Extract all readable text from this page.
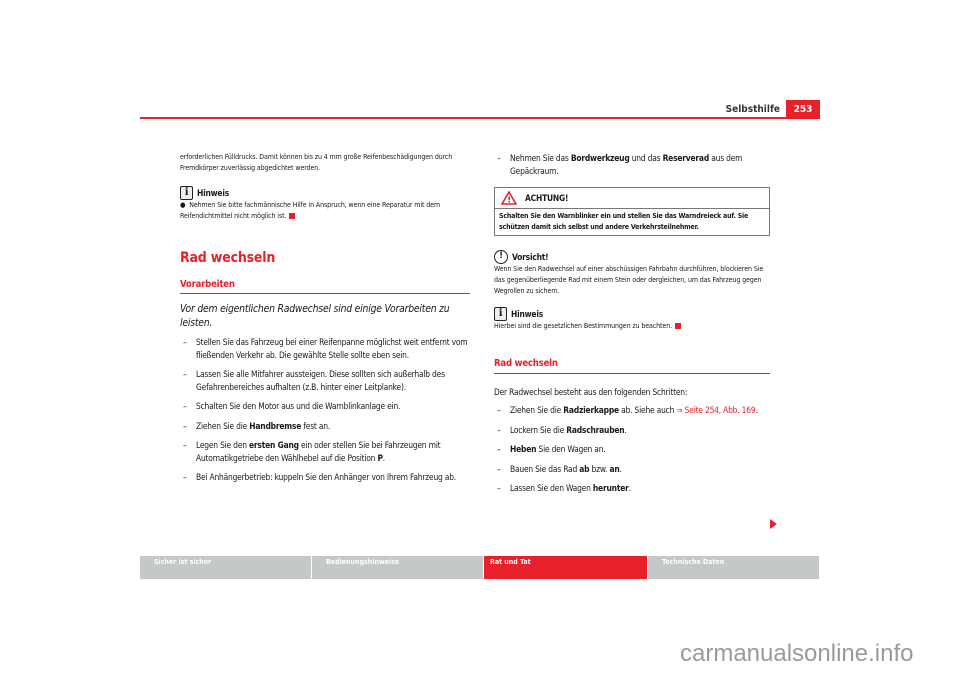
Selbsthilfe	253

erforderlichen Fülldrucks. Damit können bis zu 4 mm große Reifenbeschädigungen durch Fremdkörper zuverlässig abgedichtet werden.

i	Hinweis

●  Nehmen Sie bitte fachmännische Hilfe in Anspruch, wenn eine Reparatur mit dem Reifendichtmittel nicht möglich ist.

Rad wechseln
Vorarbeiten

Vor dem eigentlichen Radwechsel sind einige Vorarbeiten zu leisten.

– Stellen Sie das Fahrzeug bei einer Reifenpanne möglichst weit entfernt vom fließenden Verkehr ab. Die gewählte Stelle sollte eben sein.
– Lassen Sie alle Mitfahrer aussteigen. Diese sollten sich außerhalb des Gefahrenbereiches aufhalten (z.B. hinter einer Leitplanke).
– Schalten Sie den Motor aus und die Warnblinkanlage ein.
– Ziehen Sie die Handbremse fest an.
– Legen Sie den ersten Gang ein oder stellen Sie bei Fahrzeugen mit Automatikgetriebe den Wählhebel auf die Position P.
– Bei Anhängerbetrieb: kuppeln Sie den Anhänger von Ihrem Fahrzeug ab.
– Nehmen Sie das Bordwerkzeug und das Reserverad aus dem Gepäckraum.
! ACHTUNG!
Schalten Sie den Warnblinker ein und stellen Sie das Warndreieck auf. Sie schützen damit sich selbst und andere Verkehrsteilnehmer.
!	Vorsicht!

Wenn Sie den Radwechsel auf einer abschüssigen Fahrbahn durchführen, blockieren Sie das gegenüberliegende Rad mit einem Stein oder dergleichen, um das Fahrzeug gegen Wegrollen zu sichern.

i	Hinweis

Hierbei sind die gesetzlichen Bestimmungen zu beachten.

Rad wechseln

Der Radwechsel besteht aus den folgenden Schritten:

– Ziehen Sie die Radzierkappe ab. Siehe auch ⇒ Seite 254, Abb. 169.
– Lockern Sie die Radschrauben.
– Heben Sie den Wagen an.
– Bauen Sie das Rad ab bzw. an.
– Lassen Sie den Wagen herunter.
Sicher ist sicher	Bedienungshinweise	Rat und Tat	Technische Daten
carmanualsonline.info
